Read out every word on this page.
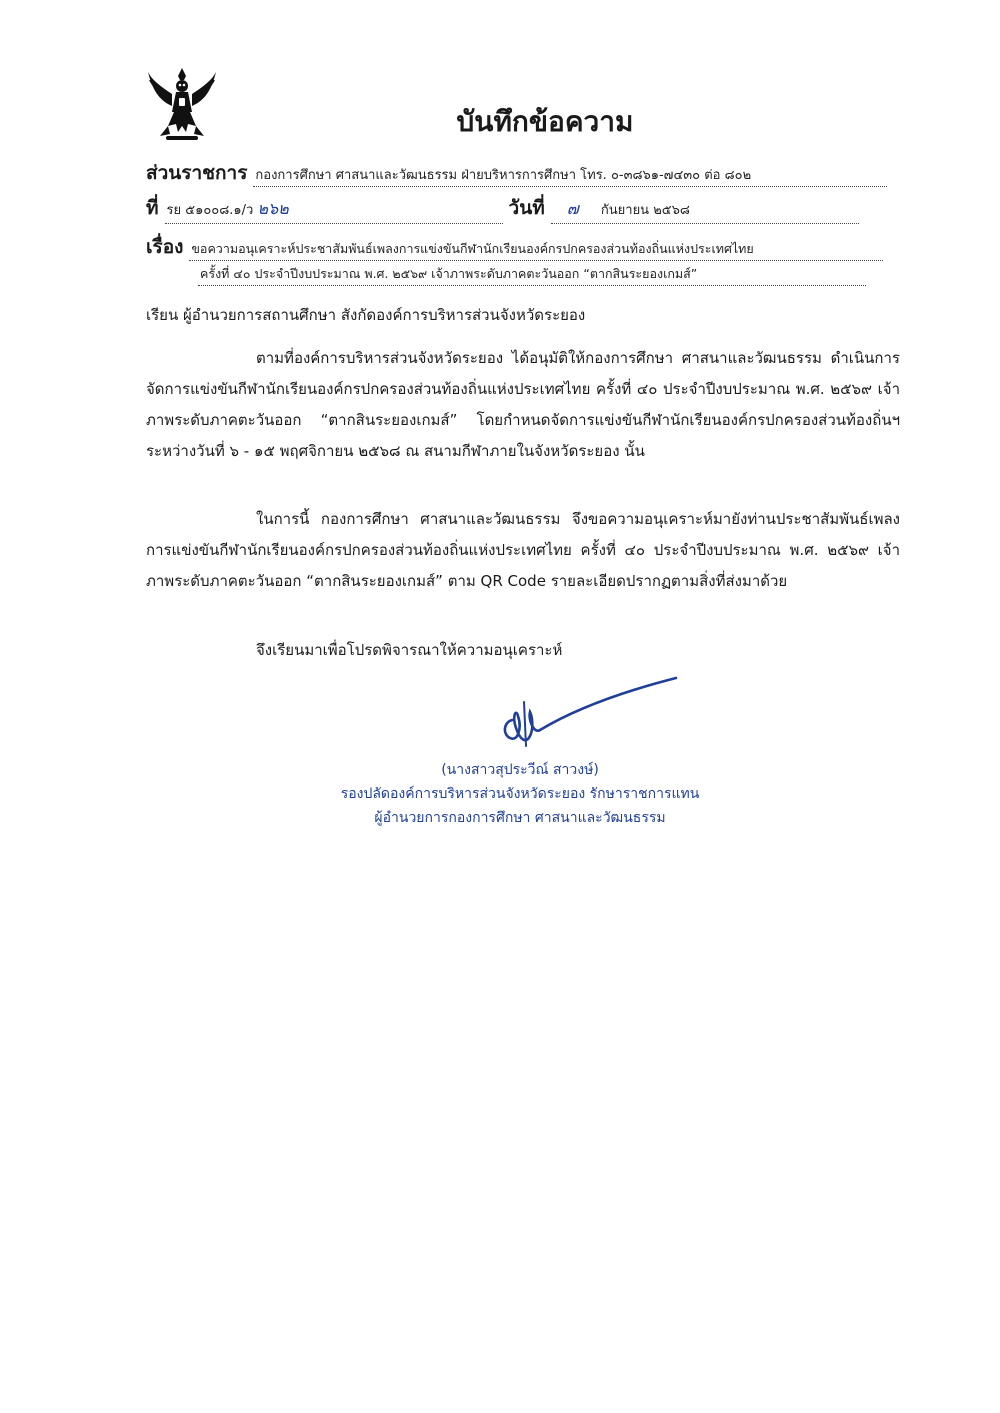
บันทึกข้อความ
ส่วนราชการ กองการศึกษา ศาสนาและวัฒนธรรม ฝ่ายบริหารการศึกษา โทร. ๐-๓๘๖๑-๗๔๓๐ ต่อ ๘๐๒
ที่ รย ๕๑๐๐๘.๑/ว ๒๖๒	วันที่	๗ กันยายน ๒๕๖๘
เรื่อง ขอความอนุเคราะห์ประชาสัมพันธ์เพลงการแข่งขันกีฬานักเรียนองค์กรปกครองส่วนท้องถิ่นแห่งประเทศไทย
ครั้งที่ ๔๐ ประจำปีงบประมาณ พ.ศ. ๒๕๖๙ เจ้าภาพระดับภาคตะวันออก “ตากสินระยองเกมส์”
เรียน ผู้อำนวยการสถานศึกษา สังกัดองค์การบริหารส่วนจังหวัดระยอง
ตามที่องค์การบริหารส่วนจังหวัดระยอง ได้อนุมัติให้กองการศึกษา ศาสนาและวัฒนธรรม ดำเนินการจัดการแข่งขันกีฬานักเรียนองค์กรปกครองส่วนท้องถิ่นแห่งประเทศไทย ครั้งที่ ๔๐ ประจำปีงบประมาณ พ.ศ. ๒๕๖๙ เจ้าภาพระดับภาคตะวันออก “ตากสินระยองเกมส์” โดยกำหนดจัดการแข่งขันกีฬานักเรียนองค์กรปกครองส่วนท้องถิ่นฯ ระหว่างวันที่ ๖ - ๑๕ พฤศจิกายน ๒๕๖๘ ณ สนามกีฬาภายในจังหวัดระยอง นั้น
ในการนี้ กองการศึกษา ศาสนาและวัฒนธรรม จึงขอความอนุเคราะห์มายังท่านประชาสัมพันธ์เพลงการแข่งขันกีฬานักเรียนองค์กรปกครองส่วนท้องถิ่นแห่งประเทศไทย ครั้งที่ ๔๐ ประจำปีงบประมาณ พ.ศ. ๒๕๖๙ เจ้าภาพระดับภาคตะวันออก “ตากสินระยองเกมส์” ตาม QR Code รายละเอียดปรากฏตามสิ่งที่ส่งมาด้วย
จึงเรียนมาเพื่อโปรดพิจารณาให้ความอนุเคราะห์
(นางสาวสุประวีณ์ สาวงษ์)
รองปลัดองค์การบริหารส่วนจังหวัดระยอง รักษาราชการแทน
ผู้อำนวยการกองการศึกษา ศาสนาและวัฒนธรรม
